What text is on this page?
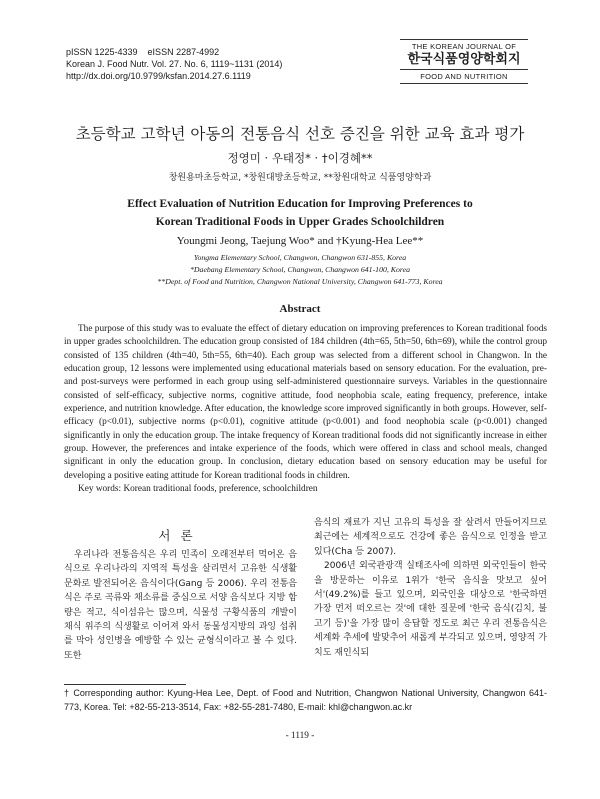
pISSN 1225-4339    eISSN 2287-4992
Korean J. Food Nutr. Vol. 27. No. 6, 1119~1131 (2014)
http://dx.doi.org/10.9799/ksfan.2014.27.6.1119
THE KOREAN JOURNAL OF
한국식품영양학회지
FOOD AND NUTRITION
초등학교 고학년 아동의 전통음식 선호 증진을 위한 교육 효과 평가
정영미 · 우태정* · †이경혜**
창원용마초등학교, *창원대방초등학교, **창원대학교 식품영양학과
Effect Evaluation of Nutrition Education for Improving Preferences to
Korean Traditional Foods in Upper Grades Schoolchildren
Youngmi Jeong, Taejung Woo* and †Kyung-Hea Lee**
Yongma Elementary School, Changwon, Changwon 631-855, Korea
*Daebang Elementary School, Changwon, Changwon 641-100, Korea
**Dept. of Food and Nutrition, Changwon National University, Changwon 641-773, Korea
Abstract
The purpose of this study was to evaluate the effect of dietary education on improving preferences to Korean traditional foods in upper grades schoolchildren. The education group consisted of 184 children (4th=65, 5th=50, 6th=69), while the control group consisted of 135 children (4th=40, 5th=55, 6th=40). Each group was selected from a different school in Changwon. In the education group, 12 lessons were implemented using educational materials based on sensory education. For the evaluation, pre- and post-surveys were performed in each group using self-administered questionnaire surveys. Variables in the questionnaire consisted of self-efficacy, subjective norms, cognitive attitude, food neophobia scale, eating frequency, preference, intake experience, and nutrition knowledge. After education, the knowledge score improved significantly in both groups. However, self-efficacy (p<0.01), subjective norms (p<0.01), cognitive attitude (p<0.001) and food neophobia scale (p<0.001) changed significantly in only the education group. The intake frequency of Korean traditional foods did not significantly increase in either group. However, the preferences and intake experience of the foods, which were offered in class and school meals, changed significant in only the education group. In conclusion, dietary education based on sensory education may be useful for developing a positive eating attitude for Korean traditional foods in children.
Key words: Korean traditional foods, preference, schoolchildren
서론
우리나라 전통음식은 우리 민족이 오래전부터 먹어온 음식으로 우리나라의 지역적 특성을 살리면서 고유한 식생활 문화로 발전되어온 음식이다(Gang 등 2006). 우리 전통음식은 주로 곡류와 채소류를 중심으로 서양 음식보다 지방 함량은 적고, 식이섬유는 많으며, 식물성 구황식품의 개발이 채식 위주의 식생활로 이어져 와서 동물성지방의 과잉 섭취를 막아 성인병을 예방할 수 있는 균형식이라고 볼 수 있다. 또한

음식의 재료가 지닌 고유의 특성을 잘 살려서 만들어지므로 최근에는 세계적으로도 건강에 좋은 음식으로 인정을 받고 있다(Cha 등 2007).

2006년 외국관광객 실태조사에 의하면 외국인들이 한국을 방문하는 이유로 1위가 '한국 음식을 맛보고 싶어서'(49.2%)를 들고 있으며, 외국인을 대상으로 '한국하면 가장 먼저 떠오르는 것'에 대한 질문에 '한국 음식(김치, 불고기 등)'을 가장 많이 응답할 정도로 최근 우리 전통음식은 세계화 추세에 발맞추어 새롭게 부각되고 있으며, 영양적 가치도 재인식되

† Corresponding author: Kyung-Hea Lee, Dept. of Food and Nutrition, Changwon National University, Changwon 641-773, Korea. Tel: +82-55-213-3514, Fax: +82-55-281-7480, E-mail: khl@changwon.ac.kr
- 1119 -
